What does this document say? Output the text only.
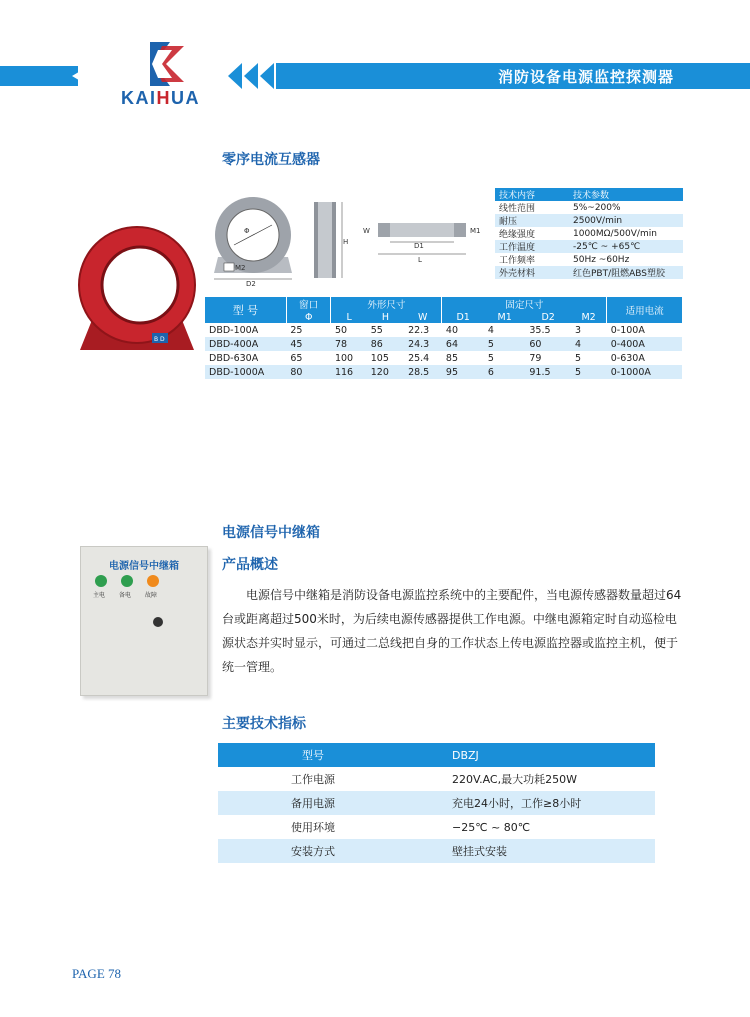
KAIHUA
消防设备电源监控探测器
零序电流互感器
B D
Φ
M2
D2
H
W	M1
D1
L
技术内容	技术参数
线性范围	5%~200%
耐压	2500V/min
绝缘强度	1000MΩ/500V/min
工作温度	-25℃ ~ +65℃
工作频率	50Hz ~60Hz
外壳材料	红色PBT/阻燃ABS塑胶
型 号	窗口	外形尺寸			固定尺寸				适用电流
	Φ	L	H	W	D1	M1	D2	M2	
DBD-100A	25	50	55	22.3	40	4	35.5	3	0-100A
DBD-400A	45	78	86	24.3	64	5	60	4	0-400A
DBD-630A	65	100	105	25.4	85	5	79	5	0-630A
DBD-1000A	80	116	120	28.5	95	6	91.5	5	0-1000A
电源信号中继箱
产品概述
电源信号中继箱
主电 备电 故障	电源信号中继箱是消防设备电源监控系统中的主要配件，当电源传感器数量超过64台或距离超过500米时，为后续电源传感器提供工作电源。中继电源箱定时自动巡检电源状态并实时显示，可通过二总线把自身的工作状态上传电源监控器或监控主机，便于统一管理。

主要技术指标
型号	DBZJ
工作电源	220V.AC,最大功耗250W
备用电源	充电24小时，工作≥8小时
使用环境	−25℃ ~ 80℃
安装方式	壁挂式安装
PAGE 78
